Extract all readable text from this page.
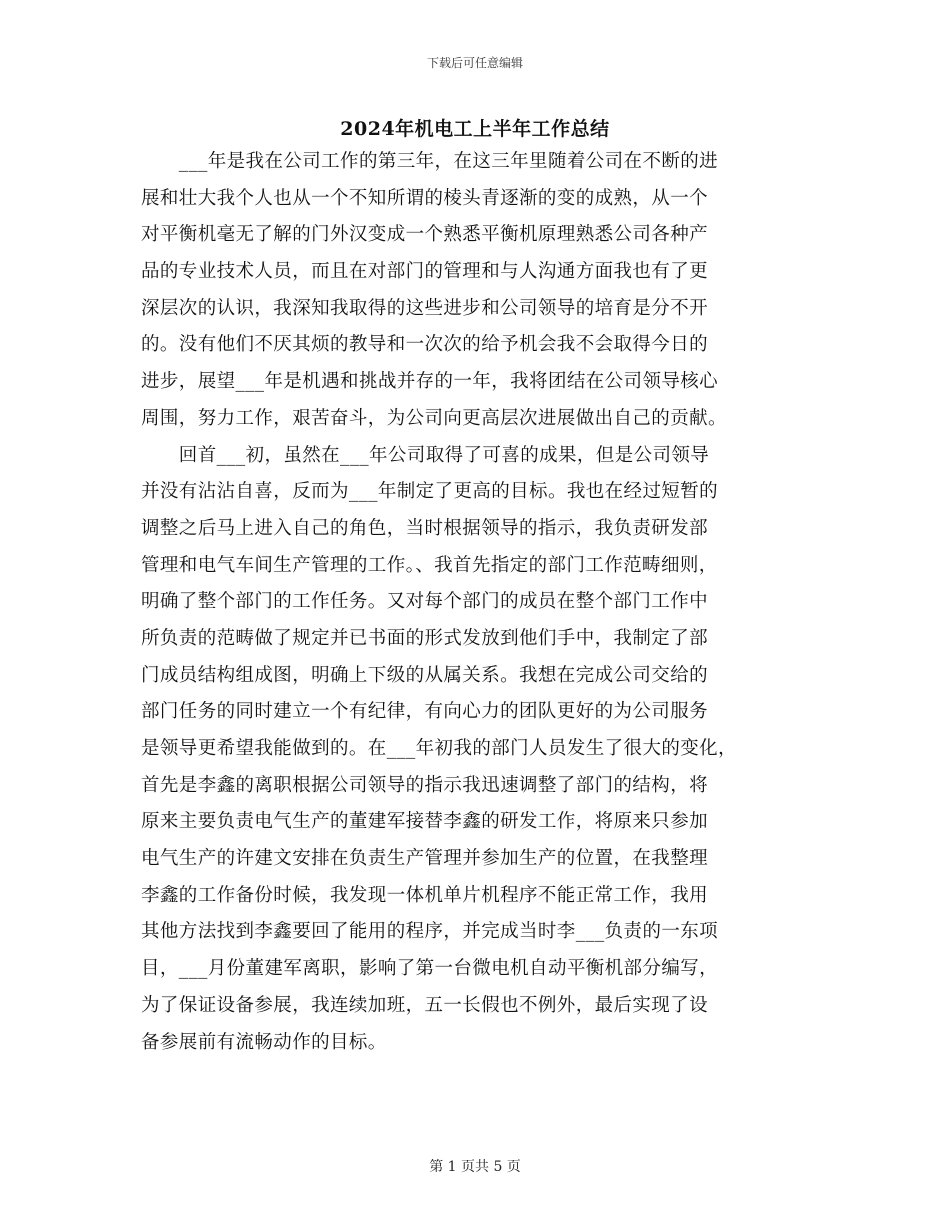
下载后可任意编辑
2024年机电工上半年工作总结
　　___年是我在公司工作的第三年，在这三年里随着公司在不断的进
展和壮大我个人也从一个不知所谓的棱头青逐渐的变的成熟，从一个
对平衡机毫无了解的门外汉变成一个熟悉平衡机原理熟悉公司各种产
品的专业技术人员，而且在对部门的管理和与人沟通方面我也有了更
深层次的认识，我深知我取得的这些进步和公司领导的培育是分不开
的。没有他们不厌其烦的教导和一次次的给予机会我不会取得今日的
进步，展望___年是机遇和挑战并存的一年，我将团结在公司领导核心
周围，努力工作，艰苦奋斗，为公司向更高层次进展做出自己的贡献。
　　回首___初，虽然在___年公司取得了可喜的成果，但是公司领导
并没有沾沾自喜，反而为___年制定了更高的目标。我也在经过短暂的
调整之后马上进入自己的角色，当时根据领导的指示，我负责研发部
管理和电气车间生产管理的工作。、我首先指定的部门工作范畴细则，
明确了整个部门的工作任务。又对每个部门的成员在整个部门工作中
所负责的范畴做了规定并已书面的形式发放到他们手中，我制定了部
门成员结构组成图，明确上下级的从属关系。我想在完成公司交给的
部门任务的同时建立一个有纪律，有向心力的团队更好的为公司服务
是领导更希望我能做到的。在___年初我的部门人员发生了很大的变化，
首先是李鑫的离职根据公司领导的指示我迅速调整了部门的结构，将
原来主要负责电气生产的董建军接替李鑫的研发工作，将原来只参加
电气生产的许建文安排在负责生产管理并参加生产的位置，在我整理
李鑫的工作备份时候，我发现一体机单片机程序不能正常工作，我用
其他方法找到李鑫要回了能用的程序，并完成当时李___负责的一东项
目，___月份董建军离职，影响了第一台微电机自动平衡机部分编写，
为了保证设备参展，我连续加班，五一长假也不例外，最后实现了设
备参展前有流畅动作的目标。
第 1 页共 5 页
